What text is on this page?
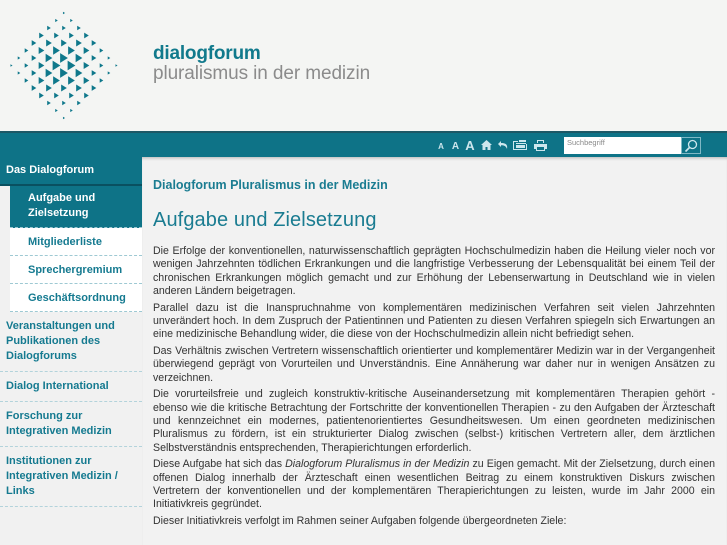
dialogforum
pluralismus in der medizin
A A A
Suchbegriff
Das Dialogforum
Aufgabe und
Zielsetzung
Mitgliederliste
Sprechergremium
Geschäftsordnung
Veranstaltungen und Publikationen des Dialogforums
Dialog International
Forschung zur Integrativen Medizin
Institutionen zur Integrativen Medizin / Links
Dialogforum Pluralismus in der Medizin
Aufgabe und Zielsetzung

Die Erfolge der konventionellen, naturwissenschaftlich geprägten Hochschulmedizin haben die Heilung vieler noch vor wenigen Jahrzehnten tödlichen Erkrankungen und die langfristige Verbesserung der Lebensqualität bei einem Teil der chronischen Erkrankungen möglich gemacht und zur Erhöhung der Lebenserwartung in Deutschland wie in vielen anderen Ländern beigetragen.

Parallel dazu ist die Inanspruchnahme von komplementären medizinischen Verfahren seit vielen Jahrzehnten unverändert hoch. In dem Zuspruch der Patientinnen und Patienten zu diesen Verfahren spiegeln sich Erwartungen an eine medizinische Behandlung wider, die diese von der Hochschulmedizin allein nicht befriedigt sehen.

Das Verhältnis zwischen Vertretern wissenschaftlich orientierter und komplementärer Medizin war in der Vergangenheit überwiegend geprägt von Vorurteilen und Unverständnis. Eine Annäherung war daher nur in wenigen Ansätzen zu verzeichnen.

Die vorurteilsfreie und zugleich konstruktiv-kritische Auseinandersetzung mit komplementären Therapien gehört - ebenso wie die kritische Betrachtung der Fortschritte der konventionellen Therapien - zu den Aufgaben der Ärzteschaft und kennzeichnet ein modernes, patientenorientiertes Gesundheitswesen. Um einen geordneten medizinischen Pluralismus zu fördern, ist ein strukturierter Dialog zwischen (selbst-) kritischen Vertretern aller, dem ärztlichen Selbstverständnis entsprechenden, Therapierichtungen erforderlich.

Diese Aufgabe hat sich das Dialogforum Pluralismus in der Medizin zu Eigen gemacht. Mit der Zielsetzung, durch einen offenen Dialog innerhalb der Ärzteschaft einen wesentlichen Beitrag zu einem konstruktiven Diskurs zwischen Vertretern der konventionellen und der komplementären Therapierichtungen zu leisten, wurde im Jahr 2000 ein Initiativkreis gegründet.

Dieser Initiativkreis verfolgt im Rahmen seiner Aufgaben folgende übergeordneten Ziele:
